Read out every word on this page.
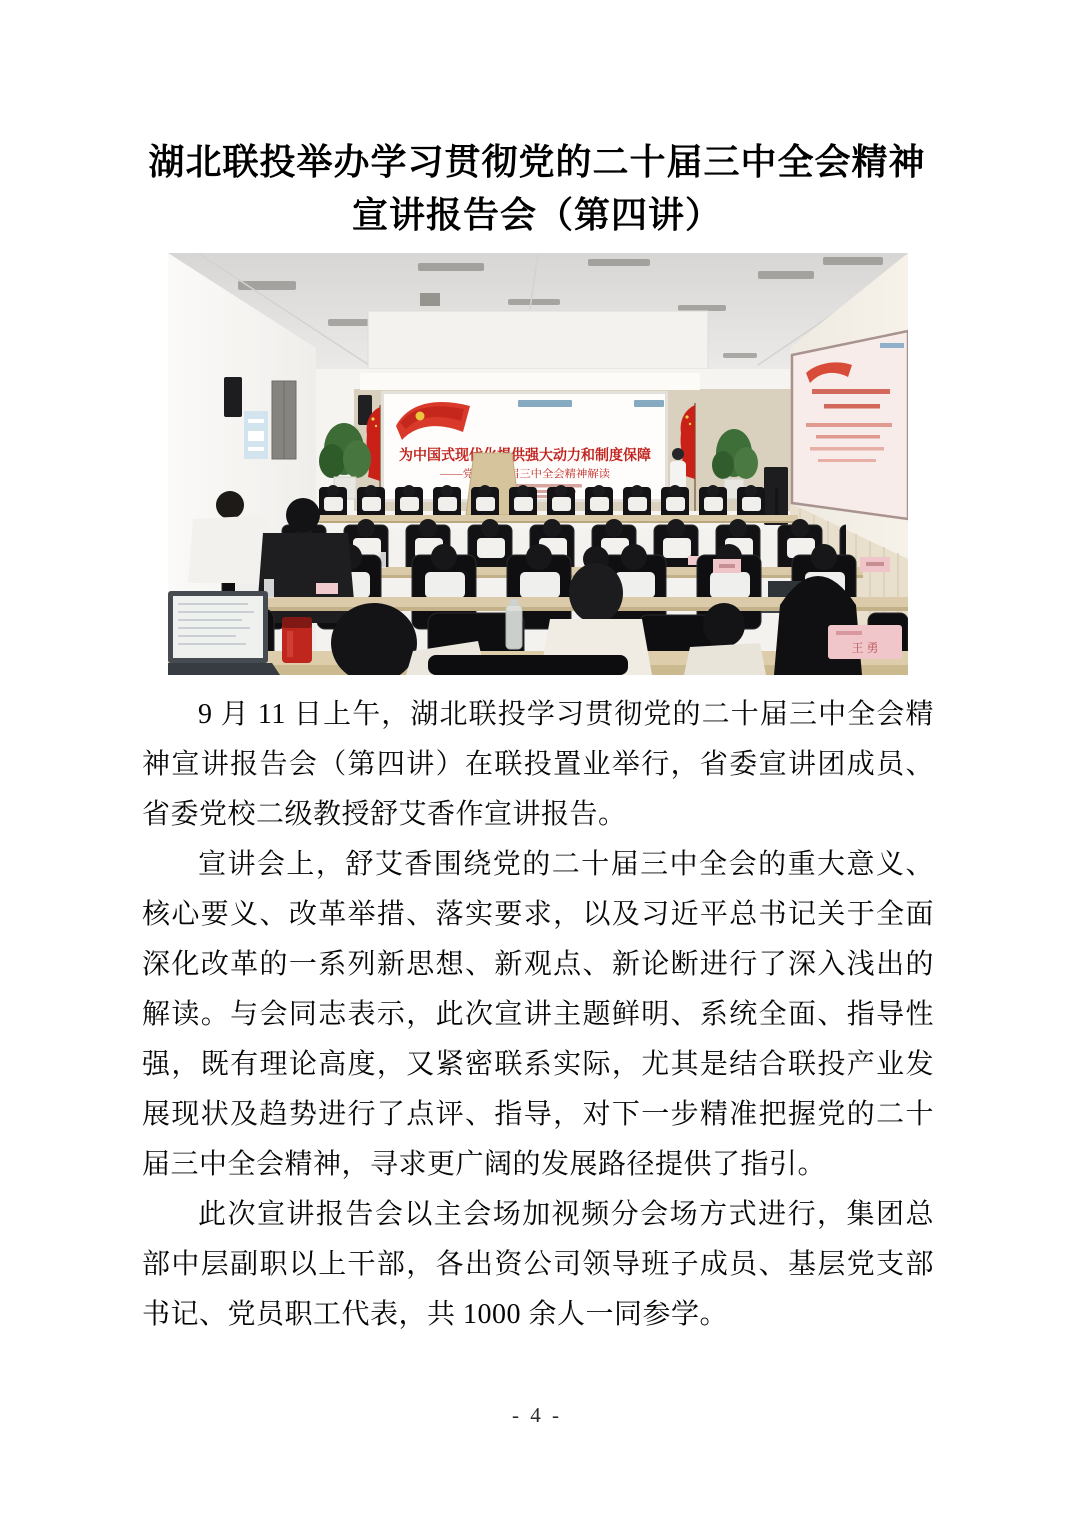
湖北联投举办学习贯彻党的二十届三中全会精神
宣讲报告会（第四讲）
为中国式现代化提供强大动力和制度保障
——党的二十届三中全会精神解读
王 勇

9 月 11 日上午，湖北联投学习贯彻党的二十届三中全会精神宣讲报告会（第四讲）在联投置业举行，省委宣讲团成员、省委党校二级教授舒艾香作宣讲报告。

宣讲会上，舒艾香围绕党的二十届三中全会的重大意义、核心要义、改革举措、落实要求，以及习近平总书记关于全面深化改革的一系列新思想、新观点、新论断进行了深入浅出的解读。与会同志表示，此次宣讲主题鲜明、系统全面、指导性强，既有理论高度，又紧密联系实际，尤其是结合联投产业发展现状及趋势进行了点评、指导，对下一步精准把握党的二十届三中全会精神，寻求更广阔的发展路径提供了指引。

此次宣讲报告会以主会场加视频分会场方式进行，集团总部中层副职以上干部，各出资公司领导班子成员、基层党支部书记、党员职工代表，共 1000 余人一同参学。

- 4 -
